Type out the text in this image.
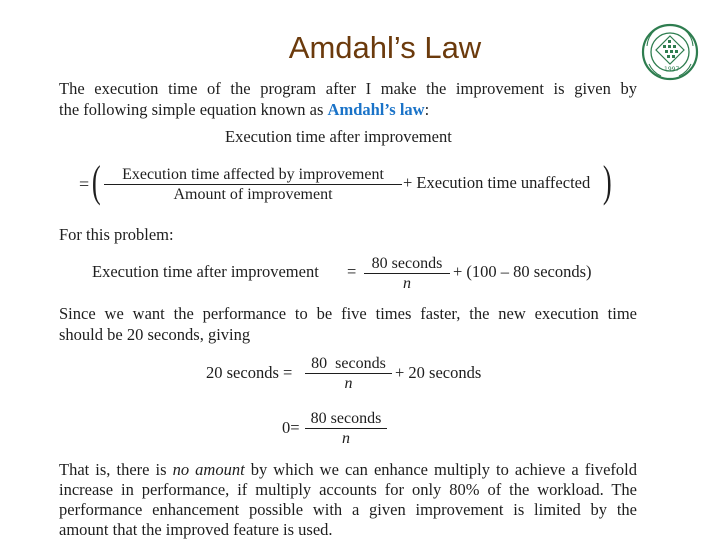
Amdahl’s Law
1997
The execution time of the program after I make the improvement is given by
the following simple equation known as Amdahl’s law:
Execution time after improvement
= (	Execution time affected by improvement
Amount of improvement
+ Execution time unaffected )
For this problem:
Execution time after improvement = 80 seconds
n
+ (100 – 80 seconds)
Since we want the performance to be five times faster, the new execution time
should be 20 seconds, giving
20 seconds =	80  seconds
n
+ 20 seconds
0= 80 seconds
n
That is, there is no amount by which we can enhance multiply to achieve a fivefold
increase in performance, if multiply accounts for only 80% of the workload. The
performance enhancement possible with a given improvement is limited by the
amount that the improved feature is used.
